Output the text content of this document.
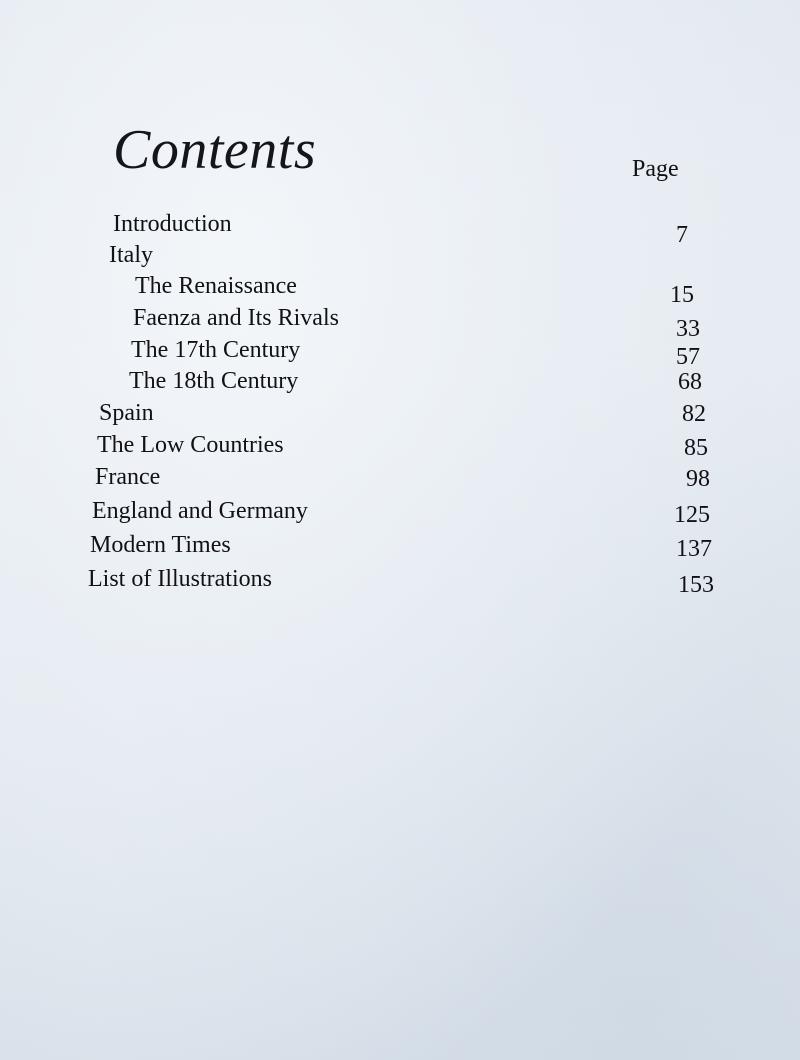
Contents	Page
Introduction	7
Italy
The Renaissance	15
Faenza and Its Rivals	33
The 17th Century	57
The 18th Century	68
Spain	82
The Low Countries	85
France	98
England and Germany	125
Modern Times	137
List of Illustrations	153
